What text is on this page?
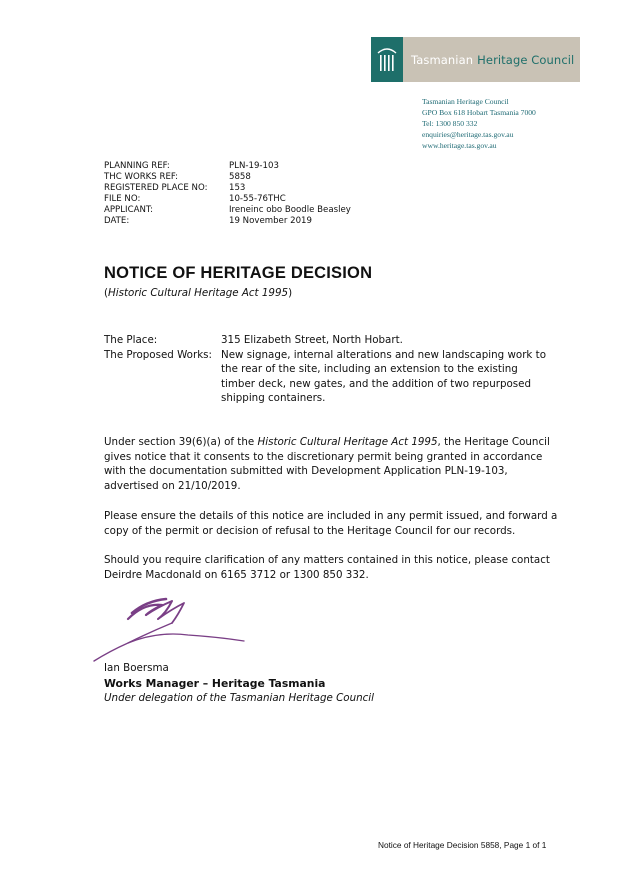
Tasmanian Heritage Council
Tasmanian Heritage Council
GPO Box 618 Hobart Tasmania 7000
Tel: 1300 850 332
enquiries@heritage.tas.gov.au
www.heritage.tas.gov.au
PLANNING REF:	PLN-19-103
THC WORKS REF:	5858
REGISTERED PLACE NO:	153
FILE NO:	10-55-76THC
APPLICANT:	Ireneinc obo Boodle Beasley
DATE:	19 November 2019
NOTICE OF HERITAGE DECISION
(Historic Cultural Heritage Act 1995)
The Place:	315 Elizabeth Street, North Hobart.
The Proposed Works: New signage, internal alterations and new landscaping work to
the rear of the site, including an extension to the existing
timber deck, new gates, and the addition of two repurposed
shipping containers.
Under section 39(6)(a) of the Historic Cultural Heritage Act 1995, the Heritage Council
gives notice that it consents to the discretionary permit being granted in accordance
with the documentation submitted with Development Application PLN-19-103,
advertised on 21/10/2019.
Please ensure the details of this notice are included in any permit issued, and forward a
copy of the permit or decision of refusal to the Heritage Council for our records.
Should you require clarification of any matters contained in this notice, please contact
Deirdre Macdonald on 6165 3712 or 1300 850 332.
Ian Boersma
Works Manager – Heritage Tasmania
Under delegation of the Tasmanian Heritage Council
Notice of Heritage Decision 5858, Page 1 of 1
